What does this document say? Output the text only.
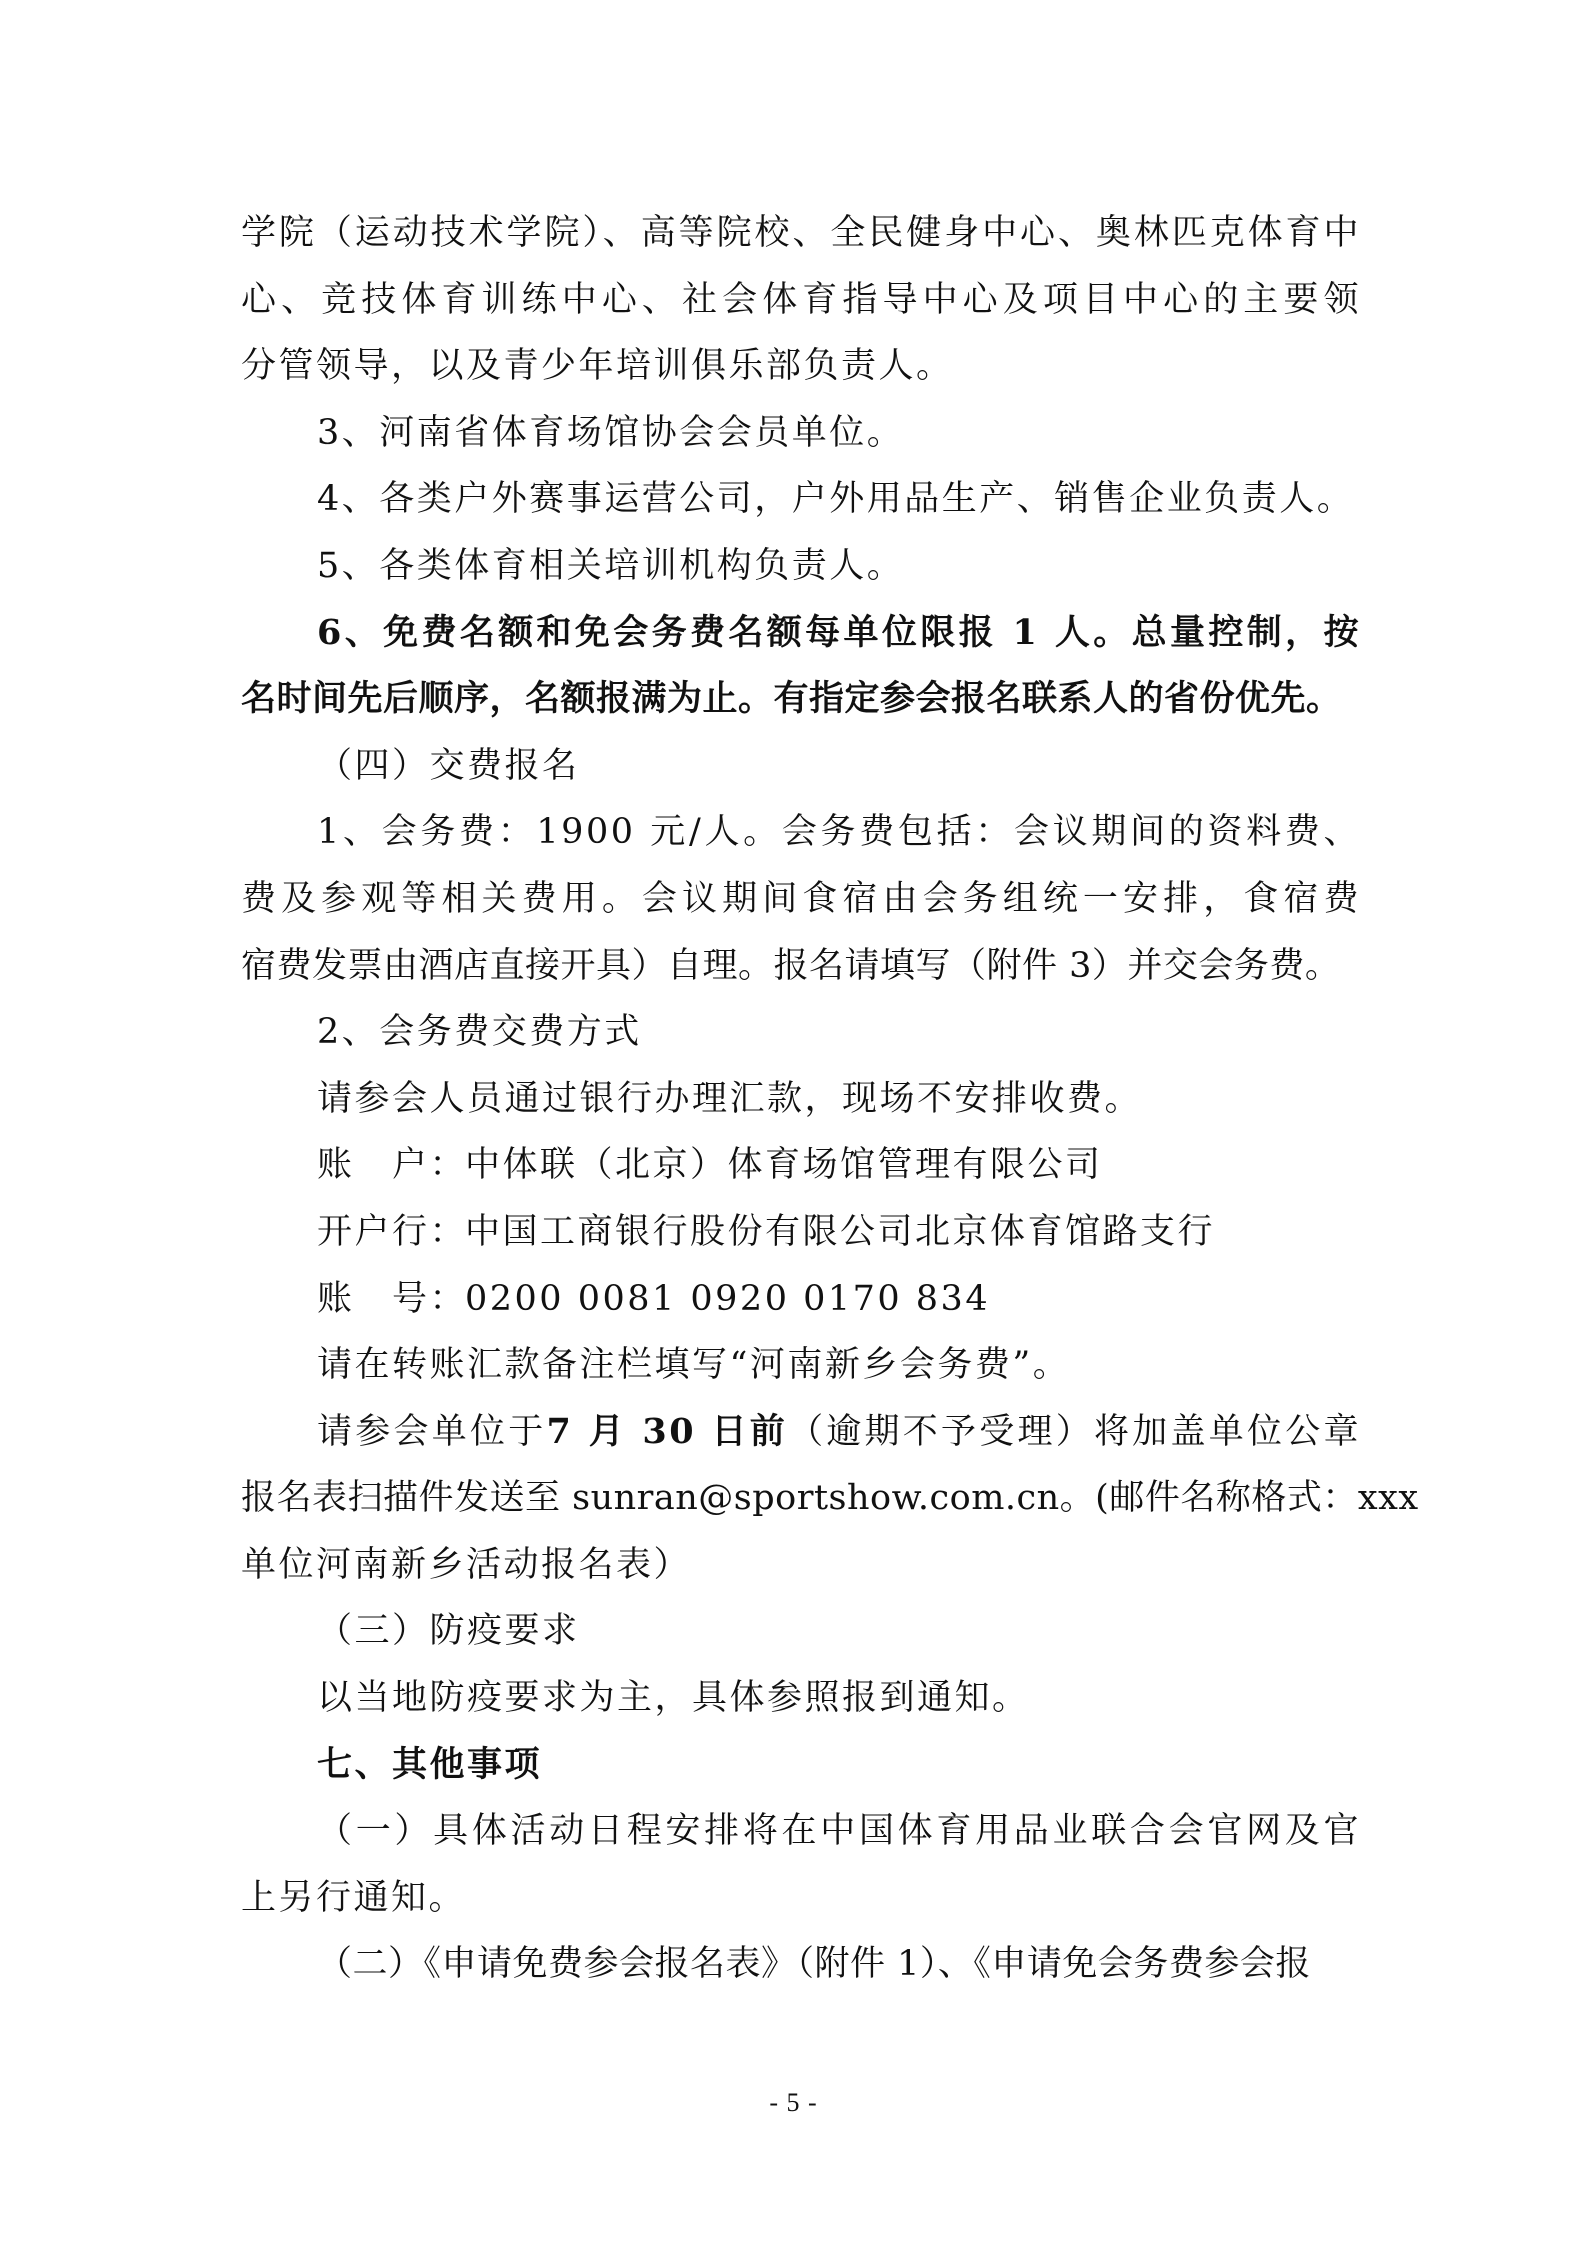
学院（运动技术学院）、高等院校、全民健身中心、奥林匹克体育中
心、竞技体育训练中心、社会体育指导中心及项目中心的主要领
分管领导，以及青少年培训俱乐部负责人。
3、河南省体育场馆协会会员单位。
4、各类户外赛事运营公司，户外用品生产、销售企业负责人。
5、各类体育相关培训机构负责人。
6、免费名额和免会务费名额每单位限报 1 人。总量控制，按
名时间先后顺序，名额报满为止。有指定参会报名联系人的省份优先。
（四）交费报名
1、会务费：1900 元/人。会务费包括：会议期间的资料费、
费及参观等相关费用。会议期间食宿由会务组统一安排，食宿费
宿费发票由酒店直接开具）自理。报名请填写（附件 3）并交会务费。
2、会务费交费方式
请参会人员通过银行办理汇款，现场不安排收费。
账　户：中体联（北京）体育场馆管理有限公司
开户行：中国工商银行股份有限公司北京体育馆路支行
账　号：0200 0081 0920 0170 834
请在转账汇款备注栏填写“河南新乡会务费”。
请参会单位于7 月 30 日前（逾期不予受理）将加盖单位公章
报名表扫描件发送至 sunran@sportshow.com.cn。(邮件名称格式：xxx
单位河南新乡活动报名表）
（三）防疫要求
以当地防疫要求为主，具体参照报到通知。
七、其他事项
（一）具体活动日程安排将在中国体育用品业联合会官网及官
上另行通知。
（二）《申请免费参会报名表》（附件 1）、《申请免会务费参会报
- 5 -
